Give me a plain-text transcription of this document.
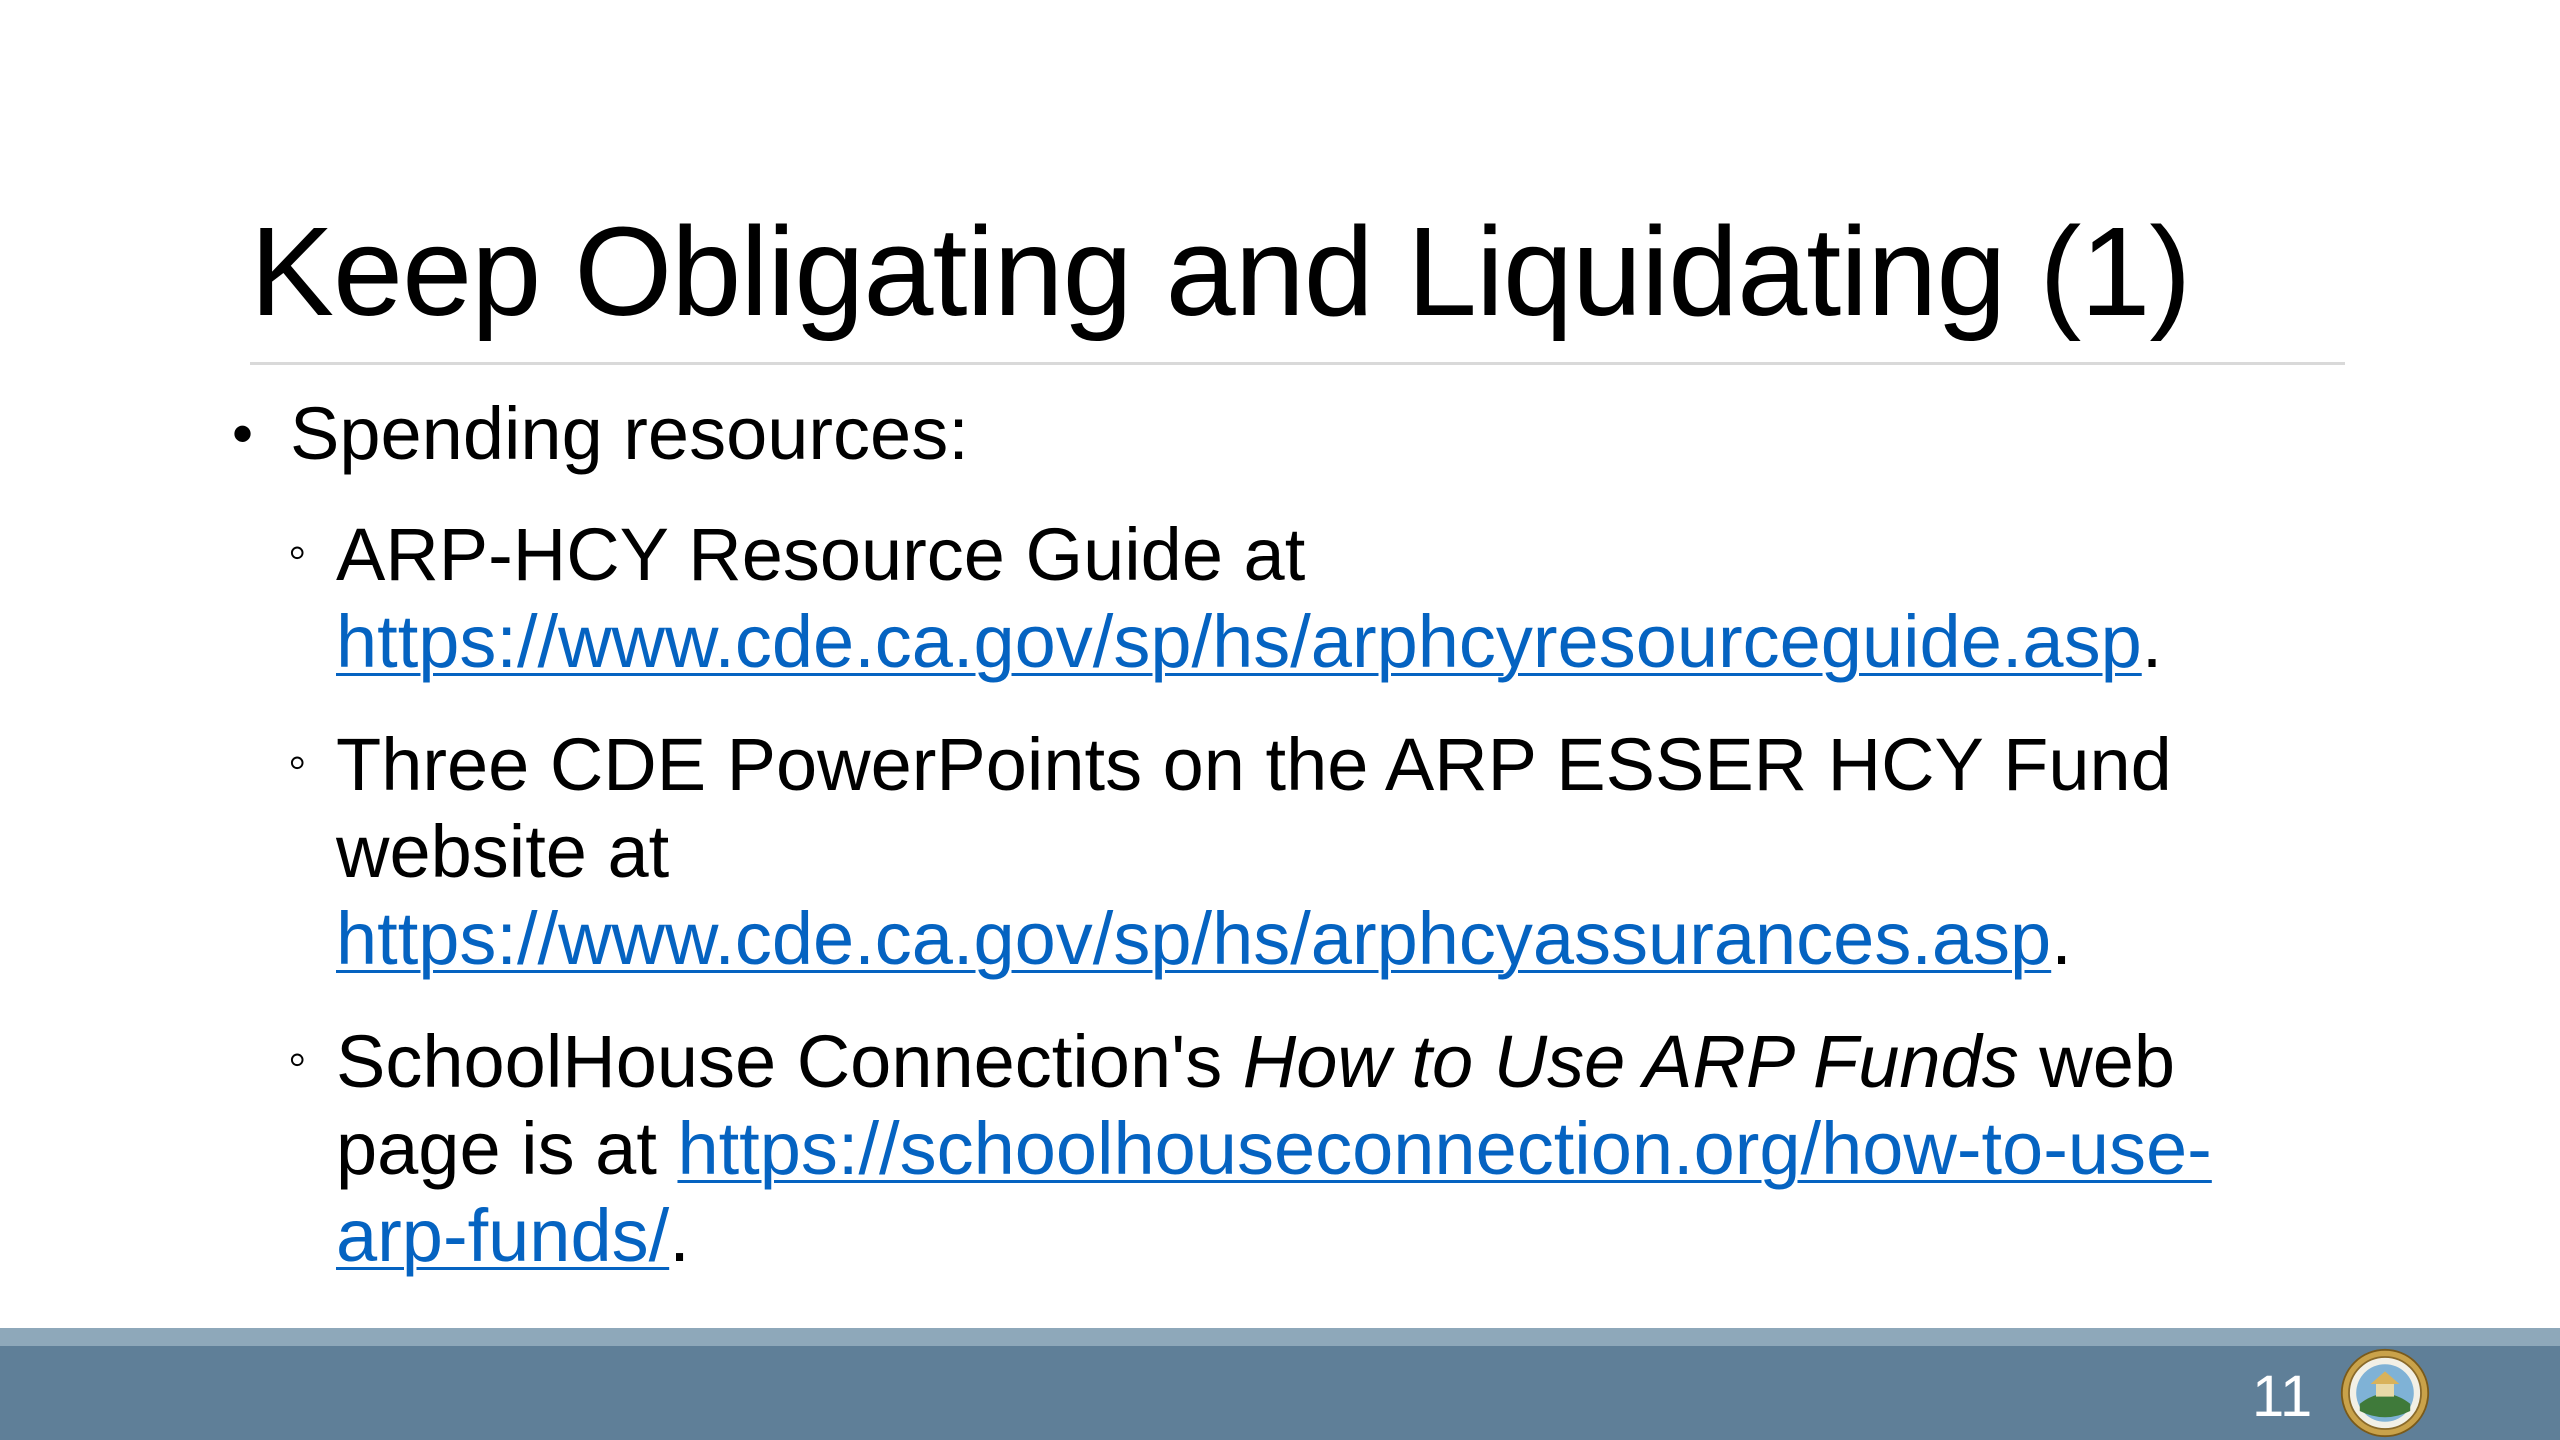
Keep Obligating and Liquidating (1)
• Spending resources:
◦ ARP-HCY Resource Guide at
https://www.cde.ca.gov/sp/hs/arphcyresourceguide.asp.
◦ Three CDE PowerPoints on the ARP ESSER HCY Fund website at
https://www.cde.ca.gov/sp/hs/arphcyassurances.asp.
◦ SchoolHouse Connection's How to Use ARP Funds web page is at https://schoolhouseconnection.org/how-to-use-arp-funds/.
11
